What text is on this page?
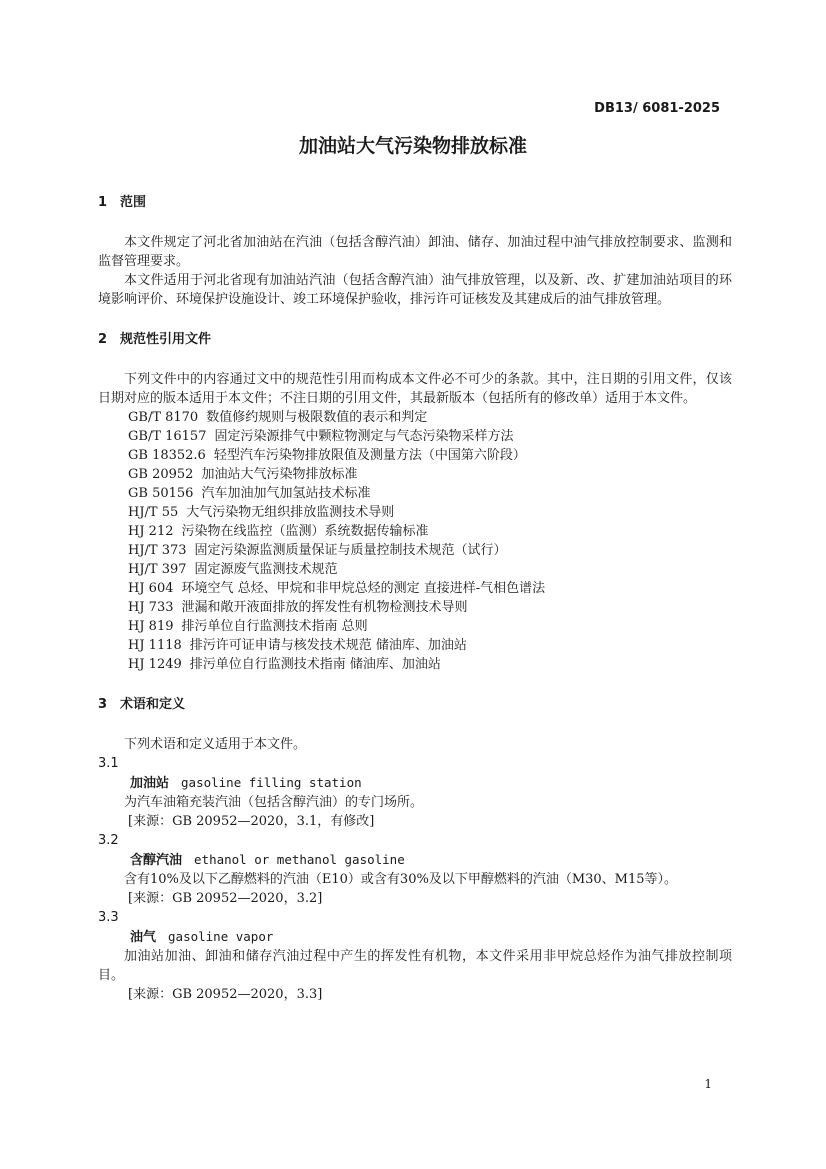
DB13/ 6081-2025
加油站大气污染物排放标准

1 范围

本文件规定了河北省加油站在汽油（包括含醇汽油）卸油、储存、加油过程中油气排放控制要求、监测和监督管理要求。

本文件适用于河北省现有加油站汽油（包括含醇汽油）油气排放管理，以及新、改、扩建加油站项目的环境影响评价、环境保护设施设计、竣工环境保护验收，排污许可证核发及其建成后的油气排放管理。

2 规范性引用文件

下列文件中的内容通过文中的规范性引用而构成本文件必不可少的条款。其中，注日期的引用文件，仅该日期对应的版本适用于本文件；不注日期的引用文件，其最新版本（包括所有的修改单）适用于本文件。

GB/T 8170 数值修约规则与极限数值的表示和判定
GB/T 16157 固定污染源排气中颗粒物测定与气态污染物采样方法
GB 18352.6 轻型汽车污染物排放限值及测量方法（中国第六阶段）
GB 20952 加油站大气污染物排放标准
GB 50156 汽车加油加气加氢站技术标准
HJ/T 55 大气污染物无组织排放监测技术导则
HJ 212 污染物在线监控（监测）系统数据传输标准
HJ/T 373 固定污染源监测质量保证与质量控制技术规范（试行）
HJ/T 397 固定源废气监测技术规范
HJ 604 环境空气 总烃、甲烷和非甲烷总烃的测定 直接进样-气相色谱法
HJ 733 泄漏和敞开液面排放的挥发性有机物检测技术导则
HJ 819 排污单位自行监测技术指南 总则
HJ 1118 排污许可证申请与核发技术规范 储油库、加油站
HJ 1249 排污单位自行监测技术指南 储油库、加油站

3 术语和定义

下列术语和定义适用于本文件。

3.1

加油站 gasoline filling station

为汽车油箱充装汽油（包括含醇汽油）的专门场所。

[来源：GB 20952—2020，3.1，有修改]

3.2

含醇汽油 ethanol or methanol gasoline

含有10%及以下乙醇燃料的汽油（E10）或含有30%及以下甲醇燃料的汽油（M30、M15等）。

[来源：GB 20952—2020，3.2]

3.3

油气 gasoline vapor

加油站加油、卸油和储存汽油过程中产生的挥发性有机物，本文件采用非甲烷总烃作为油气排放控制项目。

[来源：GB 20952—2020，3.3]

1
